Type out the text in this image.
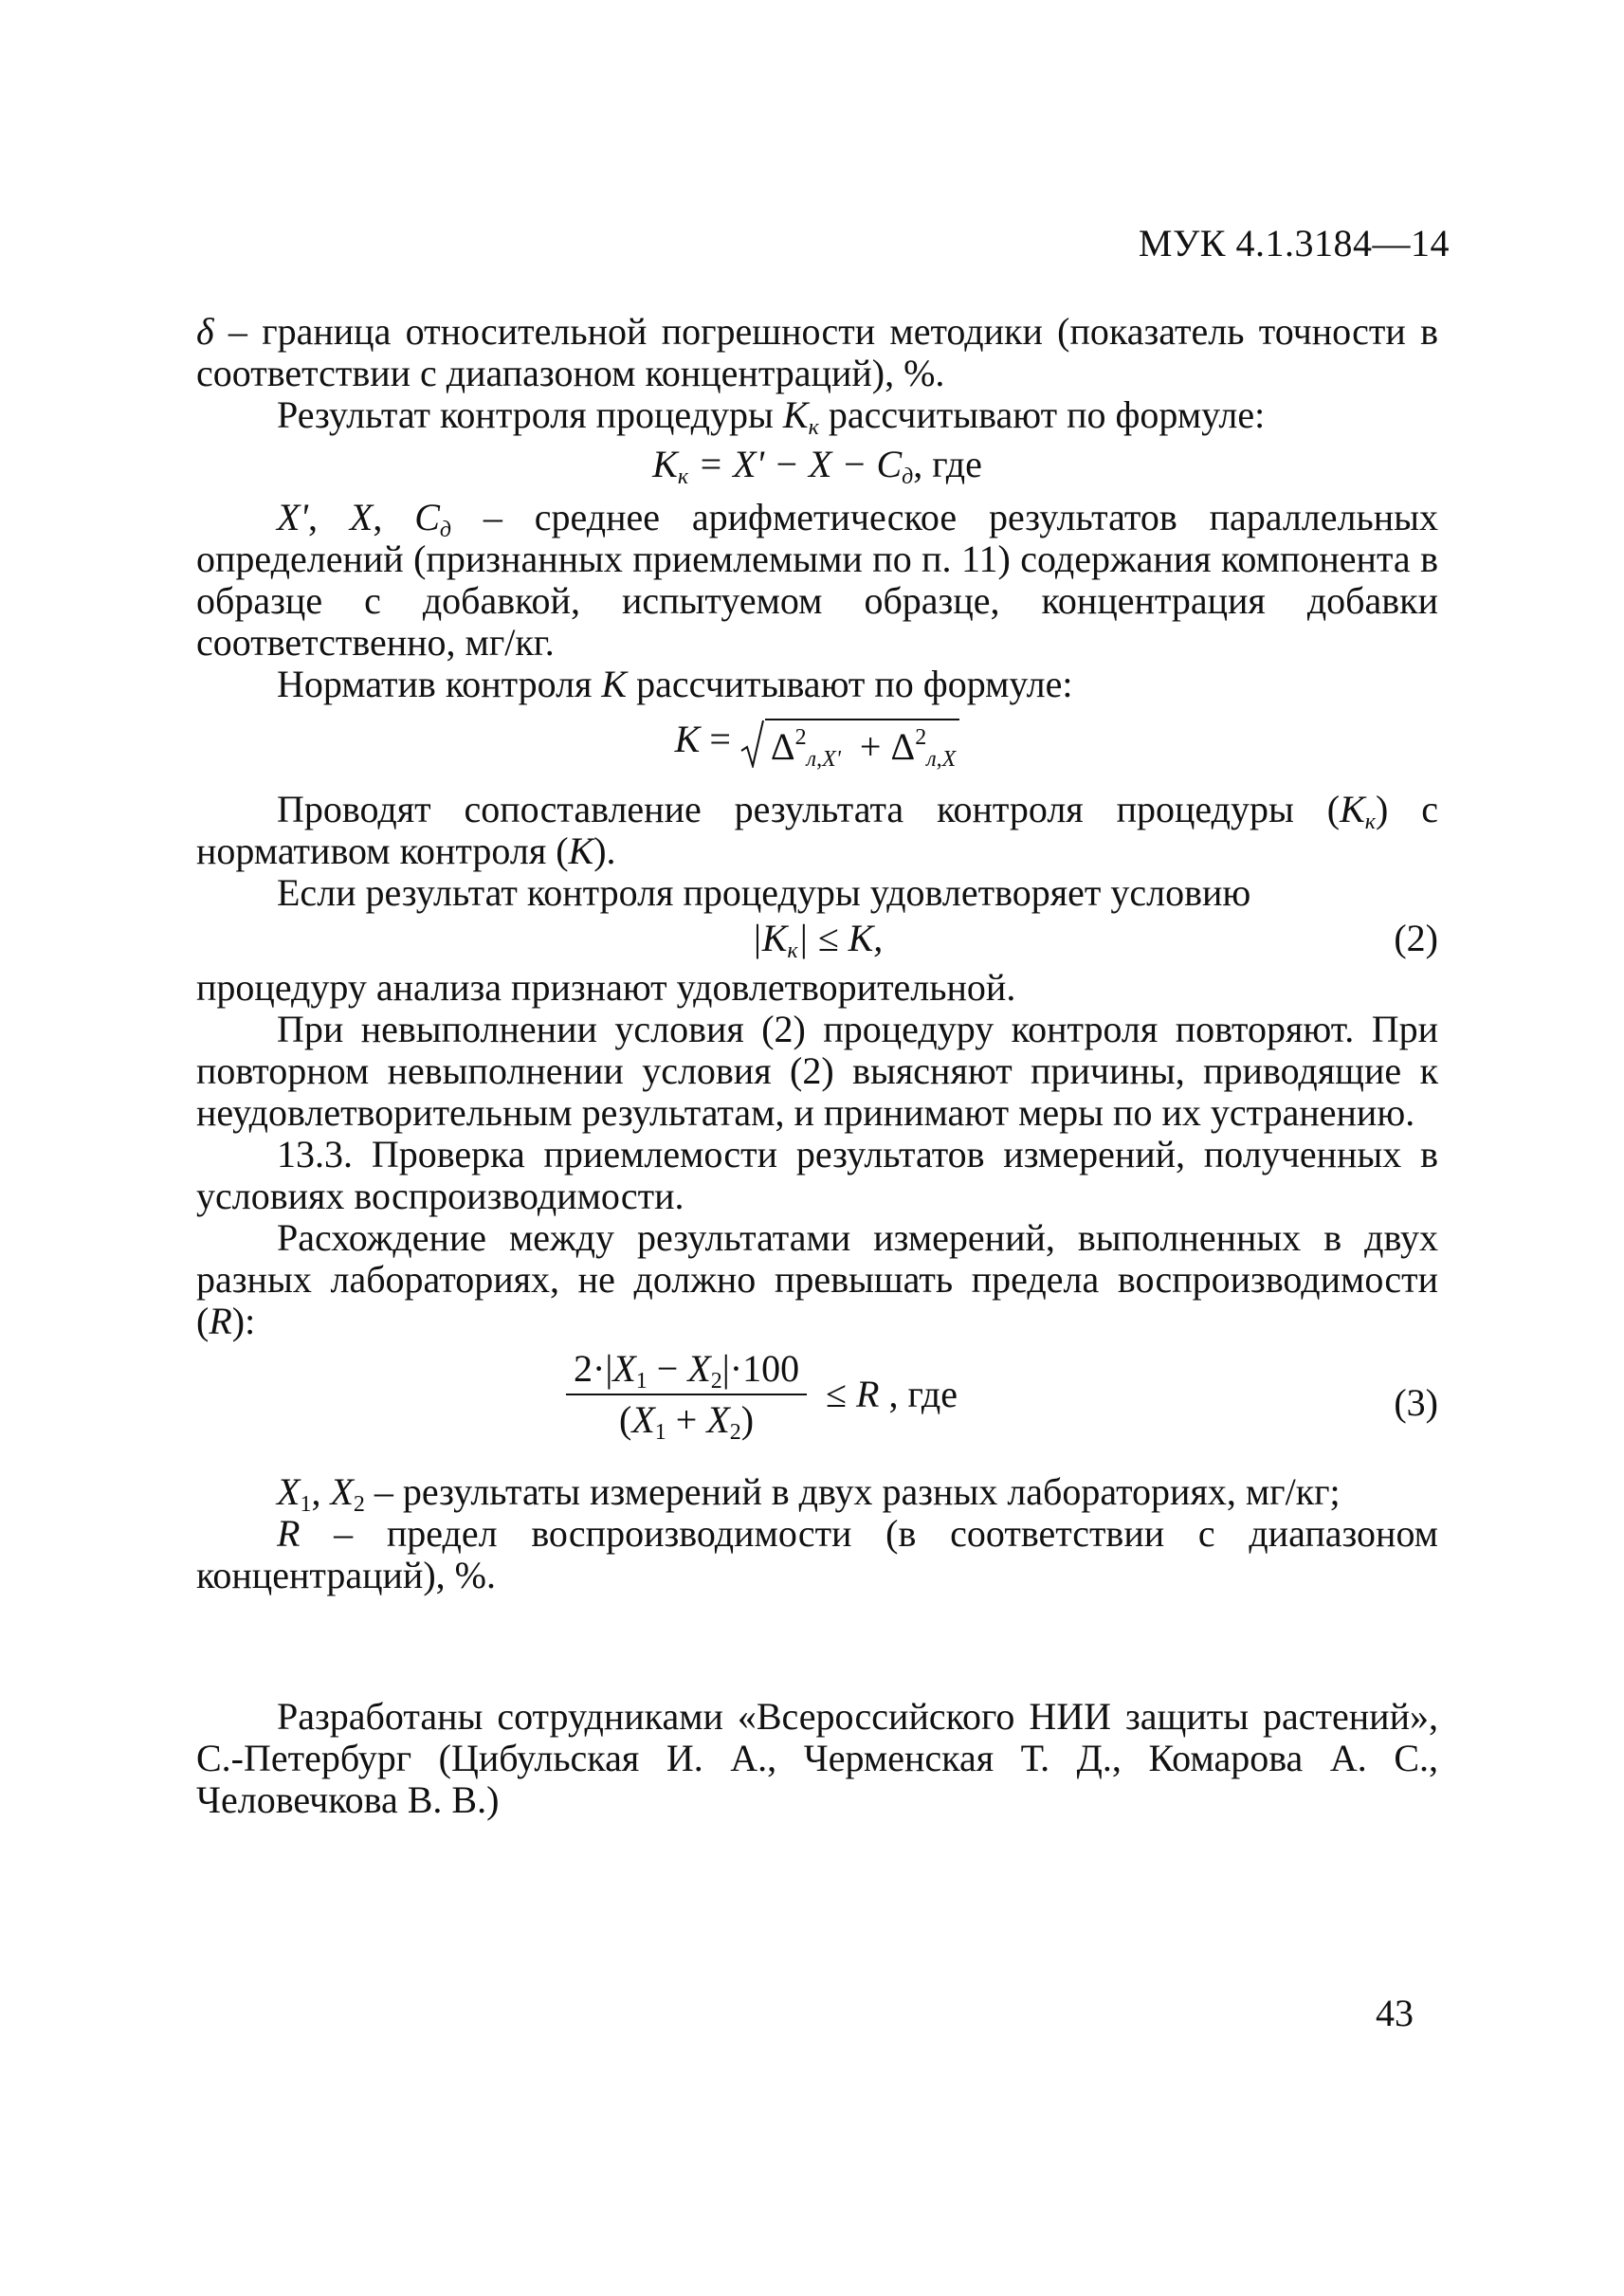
МУК 4.1.3184—14

δ – граница относительной погрешности методики (показатель точности в соответствии с диапазоном концентраций), %.

Результат контроля процедуры $K_к$ рассчитывают по формуле:

$K_к = X' - X - C_д$, где

X', X, $C_д$ – среднее арифметическое результатов параллельных определений (признанных приемлемыми по п. 11) содержания компонента в образце с добавкой, испытуемом образце, концентрация добавки соответственно, мг/кг.

Норматив контроля K рассчитывают по формуле:

$K = \Delta^2_{л,X'} + \Delta^2_{л,X}$

Проводят сопоставление результата контроля процедуры $(K_к)$ с нормативом контроля (K).

Если результат контроля процедуры удовлетворяет условию

$|K_к| \le K$,	(2)

процедуру анализа признают удовлетворительной.

При невыполнении условия (2) процедуру контроля повторяют. При повторном невыполнении условия (2) выясняют причины, приводящие к неудовлетворительным результатам, и принимают меры по их устранению.

13.3. Проверка приемлемости результатов измерений, полученных в условиях воспроизводимости.

Расхождение между результатами измерений, выполненных в двух разных лабораториях, не должно превышать предела воспроизводимости (R):

$\frac{2\cdot|X_1 - X_2|\cdot 100}{(X_1 + X_2)} \le R$ , где	(3)

$X_1$, $X_2$ – результаты измерений в двух разных лабораториях, мг/кг;

R – предел воспроизводимости (в соответствии с диапазоном концентраций), %.

Разработаны сотрудниками «Всероссийского НИИ защиты растений», С.-Петербург (Цибульская И. А., Черменская Т. Д., Комарова А. С., Человечкова В. В.)

43
